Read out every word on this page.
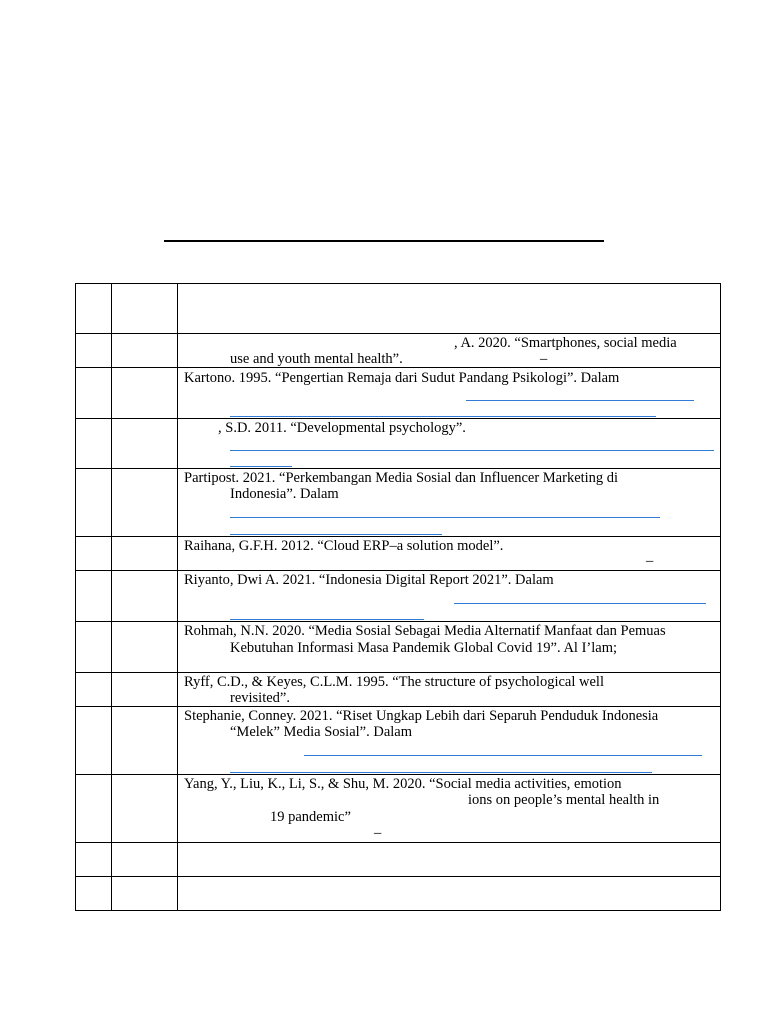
		, A. 2020. “Smartphones, social media
use and youth mental health”. –

		Kartono. 1995. “Pengertian Remaja dari Sudut Pandang Psikologi”. Dalam

		, S.D. 2011. “Developmental psychology”.

		Partipost. 2021. “Perkembangan Media Sosial dan Influencer Marketing di
Indonesia”. Dalam

		Raihana, G.F.H. 2012. “Cloud ERP–a solution model”.
–

		Riyanto, Dwi A. 2021. “Indonesia Digital Report 2021”. Dalam

		Rohmah, N.N. 2020. “Media Sosial Sebagai Media Alternatif Manfaat dan Pemuas
Kebutuhan Informasi Masa Pandemik Global Covid 19”. Al I’lam;

		Ryff, C.D., & Keyes, C.L.M. 1995. “The structure of psychological well
revisited”.

		Stephanie, Conney. 2021. “Riset Ungkap Lebih dari Separuh Penduduk Indonesia
“Melek” Media Sosial”. Dalam

		Yang, Y., Liu, K., Li, S., & Shu, M. 2020. “Social media activities, emotion
ions on people’s mental health in
19 pandemic”
–
